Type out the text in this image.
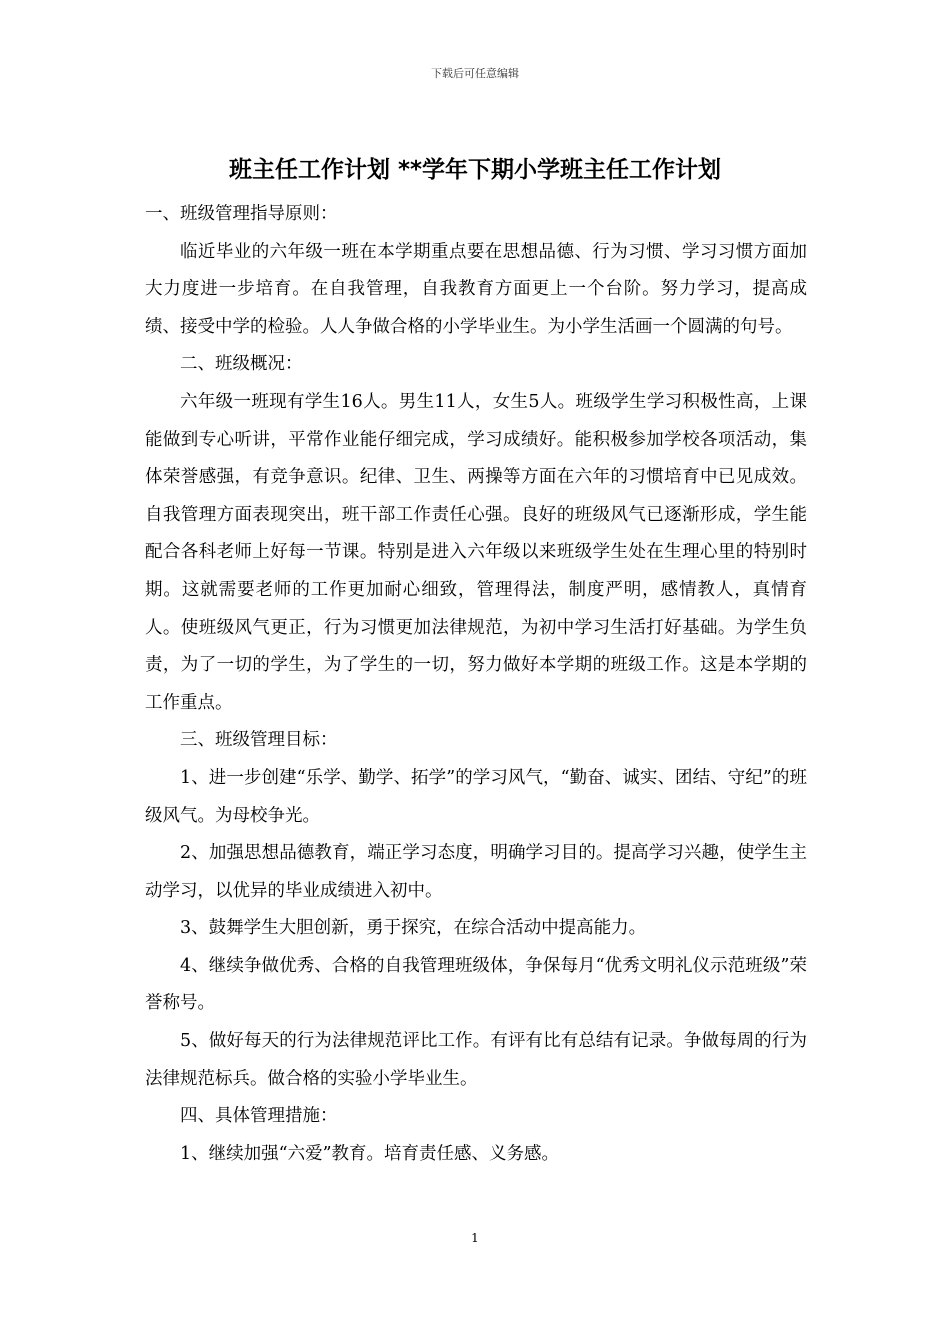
下载后可任意编辑
班主任工作计划 **学年下期小学班主任工作计划

一、班级管理指导原则：

临近毕业的六年级一班在本学期重点要在思想品德、行为习惯、学习习惯方面加大力度进一步培育。在自我管理，自我教育方面更上一个台阶。努力学习，提高成绩、接受中学的检验。人人争做合格的小学毕业生。为小学生活画一个圆满的句号。

二、班级概况：

六年级一班现有学生16人。男生11人，女生5人。班级学生学习积极性高，上课能做到专心听讲，平常作业能仔细完成，学习成绩好。能积极参加学校各项活动，集体荣誉感强，有竞争意识。纪律、卫生、两操等方面在六年的习惯培育中已见成效。自我管理方面表现突出，班干部工作责任心强。良好的班级风气已逐渐形成，学生能配合各科老师上好每一节课。特别是进入六年级以来班级学生处在生理心里的特别时期。这就需要老师的工作更加耐心细致，管理得法，制度严明，感情教人，真情育人。使班级风气更正，行为习惯更加法律规范，为初中学习生活打好基础。为学生负责，为了一切的学生，为了学生的一切，努力做好本学期的班级工作。这是本学期的工作重点。

三、班级管理目标：

1、进一步创建“乐学、勤学、拓学”的学习风气，“勤奋、诚实、团结、守纪”的班级风气。为母校争光。

2、加强思想品德教育，端正学习态度，明确学习目的。提高学习兴趣，使学生主动学习，以优异的毕业成绩进入初中。

3、鼓舞学生大胆创新，勇于探究，在综合活动中提高能力。

4、继续争做优秀、合格的自我管理班级体，争保每月“优秀文明礼仪示范班级”荣誉称号。

5、做好每天的行为法律规范评比工作。有评有比有总结有记录。争做每周的行为法律规范标兵。做合格的实验小学毕业生。

四、具体管理措施：

1、继续加强“六爱”教育。培育责任感、义务感。

1
